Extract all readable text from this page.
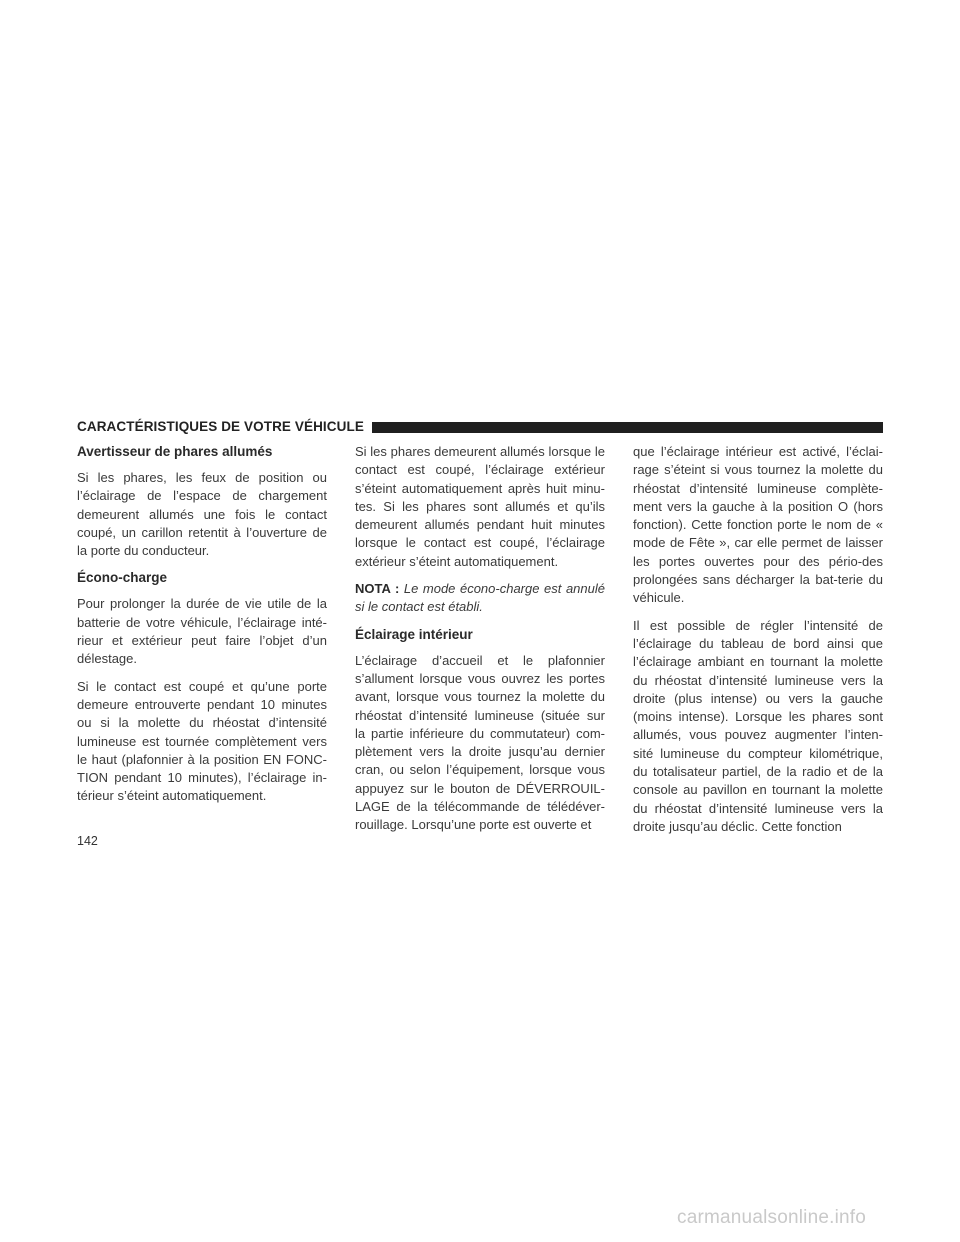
CARACTÉRISTIQUES DE VOTRE VÉHICULE
Avertisseur de phares allumés

Si les phares, les feux de position ou l’éclairage de l’espace de chargement demeurent allumés une fois le contact coupé, un carillon retentit à l’ouverture de la porte du conducteur.

Écono-charge

Pour prolonger la durée de vie utile de la batterie de votre véhicule, l’éclairage inté-rieur et extérieur peut faire l’objet d’un délestage.

Si le contact est coupé et qu’une porte demeure entrouverte pendant 10 minutes ou si la molette du rhéostat d’intensité lumineuse est tournée complètement vers le haut (plafonnier à la position EN FONC-TION pendant 10 minutes), l’éclairage in-térieur s’éteint automatiquement.

Si les phares demeurent allumés lorsque le contact est coupé, l’éclairage extérieur s’éteint automatiquement après huit minu-tes. Si les phares sont allumés et qu’ils demeurent allumés pendant huit minutes lorsque le contact est coupé, l’éclairage extérieur s’éteint automatiquement.

NOTA : Le mode écono-charge est annulé si le contact est établi.

Éclairage intérieur

L’éclairage d’accueil et le plafonnier s’allument lorsque vous ouvrez les portes avant, lorsque vous tournez la molette du rhéostat d’intensité lumineuse (située sur la partie inférieure du commutateur) com-plètement vers la droite jusqu’au dernier cran, ou selon l’équipement, lorsque vous appuyez sur le bouton de DÉVERROUIL-LAGE de la télécommande de télédéver-rouillage. Lorsqu’une porte est ouverte et

que l’éclairage intérieur est activé, l’éclai-rage s’éteint si vous tournez la molette du rhéostat d’intensité lumineuse complète-ment vers la gauche à la position O (hors fonction). Cette fonction porte le nom de « mode de Fête », car elle permet de laisser les portes ouvertes pour des pério-des prolongées sans décharger la bat-terie du véhicule.

Il est possible de régler l’intensité de l’éclairage du tableau de bord ainsi que l’éclairage ambiant en tournant la molette du rhéostat d’intensité lumineuse vers la droite (plus intense) ou vers la gauche (moins intense). Lorsque les phares sont allumés, vous pouvez augmenter l’inten-sité lumineuse du compteur kilométrique, du totalisateur partiel, de la radio et de la console au pavillon en tournant la molette du rhéostat d’intensité lumineuse vers la droite jusqu’au déclic. Cette fonction

142
carmanualsonline.info
